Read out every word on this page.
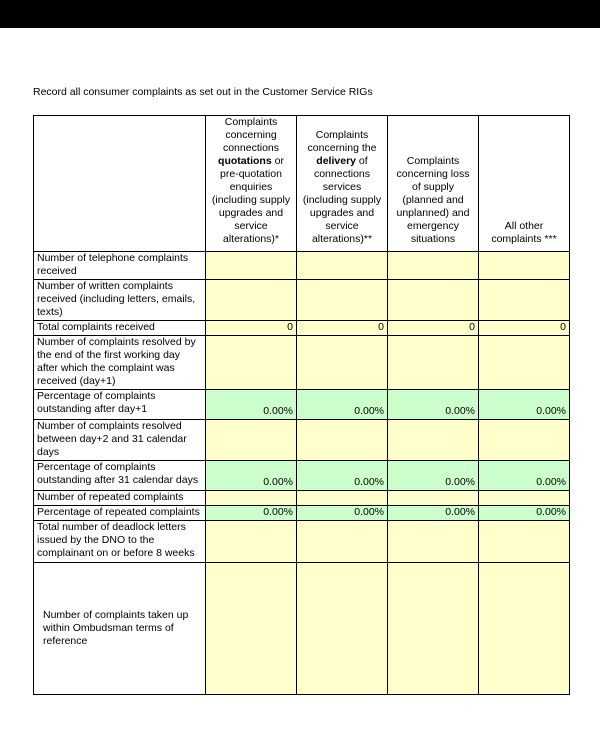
Record all consumer complaints as set out in the Customer Service RIGs

	Complaints concerning connections quotations or pre-quotation enquiries (including supply upgrades and service alterations)*	Complaints concerning the delivery of connections services (including supply upgrades and service alterations)**	Complaints concerning loss of supply (planned and unplanned) and emergency situations	All other complaints ***
Number of telephone complaints received				
Number of written complaints received (including letters, emails, texts)				
Total complaints received	0	0	0	0
Number of complaints resolved by the end of the first working day after which the complaint was received (day+1)				
Percentage of complaints outstanding after day+1	0.00%	0.00%	0.00%	0.00%
Number of complaints resolved between day+2 and 31 calendar days				
Percentage of complaints outstanding after 31 calendar days	0.00%	0.00%	0.00%	0.00%
Number of repeated complaints				
Percentage of repeated complaints	0.00%	0.00%	0.00%	0.00%
Total number of deadlock letters issued by the DNO to the complainant on or before 8 weeks				
Number of complaints taken up within Ombudsman terms of reference				
